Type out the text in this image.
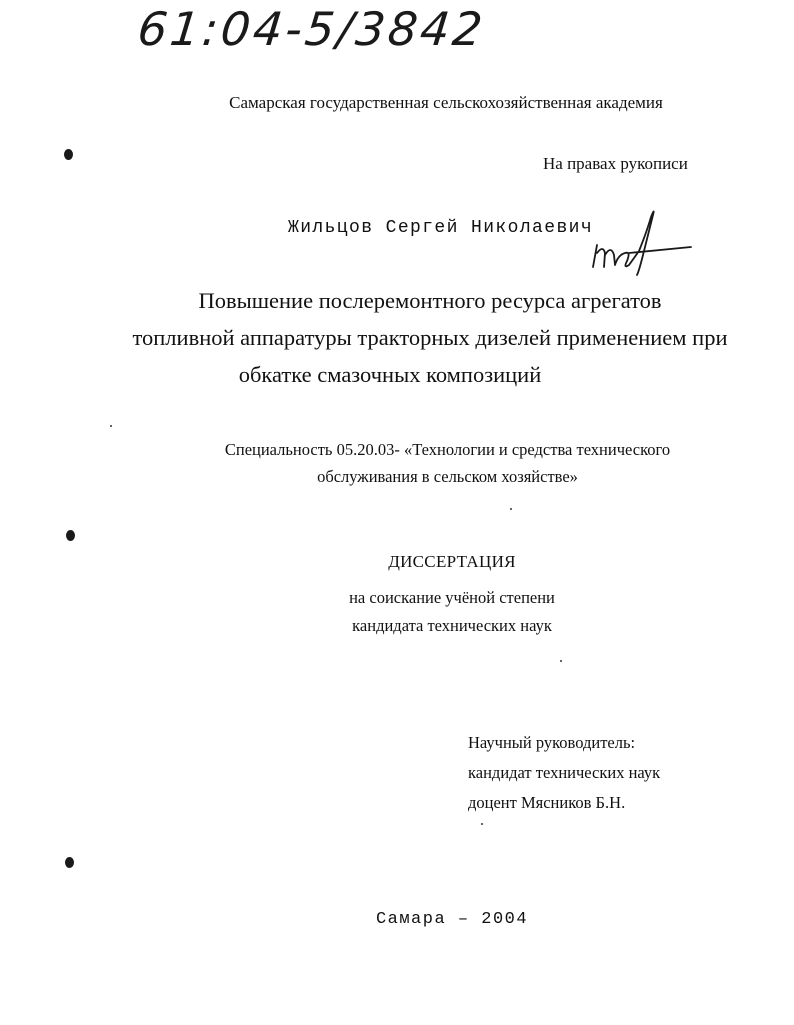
61:04-5/3842
Самарская государственная сельскохозяйственная академия
На правах рукописи
Жильцов Сергей Николаевич
Повышение послеремонтного ресурса агрегатов
топливной аппаратуры тракторных дизелей применением при
обкатке смазочных композиций
Специальность 05.20.03- «Технологии и средства технического
обслуживания в сельском хозяйстве»
ДИССЕРТАЦИЯ
на соискание учёной степени
кандидата технических наук
Научный руководитель:
кандидат технических наук
доцент Мясников Б.Н.
Самара – 2004
